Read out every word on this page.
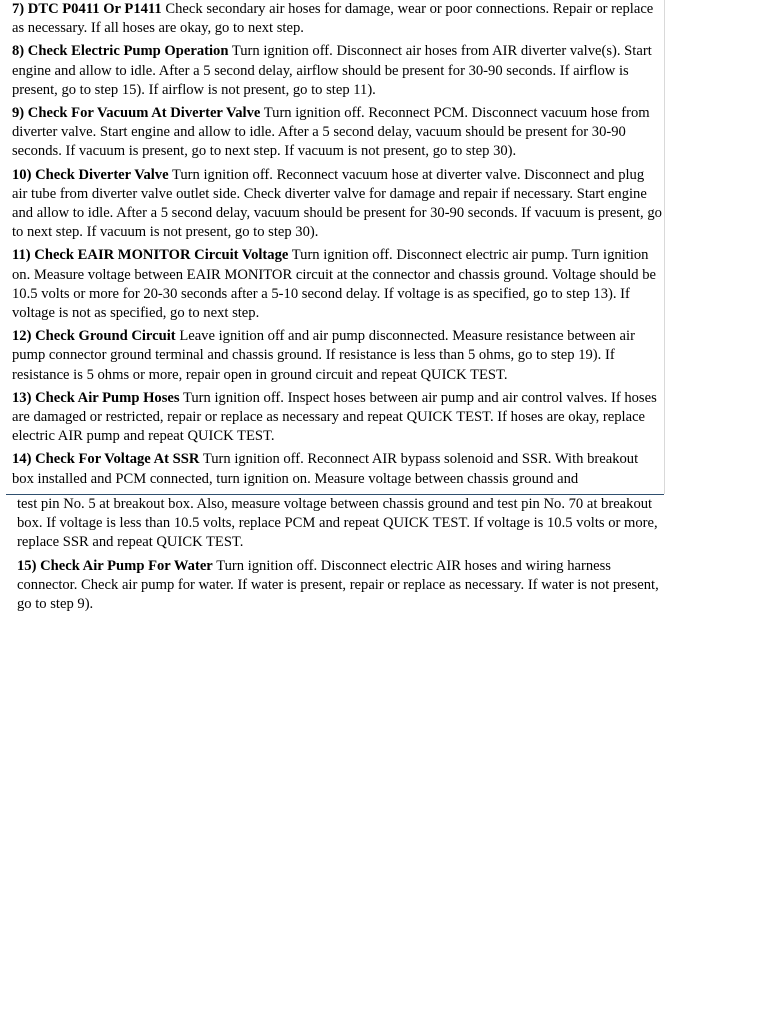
7) DTC P0411 Or P1411 Check secondary air hoses for damage, wear or poor connections. Repair or replace as necessary. If all hoses are okay, go to next step.

8) Check Electric Pump Operation Turn ignition off. Disconnect air hoses from AIR diverter valve(s). Start engine and allow to idle. After a 5 second delay, airflow should be present for 30-90 seconds. If airflow is present, go to step 15). If airflow is not present, go to step 11).

9) Check For Vacuum At Diverter Valve Turn ignition off. Reconnect PCM. Disconnect vacuum hose from diverter valve. Start engine and allow to idle. After a 5 second delay, vacuum should be present for 30-90 seconds. If vacuum is present, go to next step. If vacuum is not present, go to step 30).

10) Check Diverter Valve Turn ignition off. Reconnect vacuum hose at diverter valve. Disconnect and plug air tube from diverter valve outlet side. Check diverter valve for damage and repair if necessary. Start engine and allow to idle. After a 5 second delay, vacuum should be present for 30-90 seconds. If vacuum is present, go to next step. If vacuum is not present, go to step 30).

11) Check EAIR MONITOR Circuit Voltage Turn ignition off. Disconnect electric air pump. Turn ignition on. Measure voltage between EAIR MONITOR circuit at the connector and chassis ground. Voltage should be 10.5 volts or more for 20-30 seconds after a 5-10 second delay. If voltage is as specified, go to step 13). If voltage is not as specified, go to next step.

12) Check Ground Circuit Leave ignition off and air pump disconnected. Measure resistance between air pump connector ground terminal and chassis ground. If resistance is less than 5 ohms, go to step 19). If resistance is 5 ohms or more, repair open in ground circuit and repeat QUICK TEST.

13) Check Air Pump Hoses Turn ignition off. Inspect hoses between air pump and air control valves. If hoses are damaged or restricted, repair or replace as necessary and repeat QUICK TEST. If hoses are okay, replace electric AIR pump and repeat QUICK TEST.

14) Check For Voltage At SSR Turn ignition off. Reconnect AIR bypass solenoid and SSR. With breakout box installed and PCM connected, turn ignition on. Measure voltage between chassis ground and

test pin No. 5 at breakout box. Also, measure voltage between chassis ground and test pin No. 70 at breakout box. If voltage is less than 10.5 volts, replace PCM and repeat QUICK TEST. If voltage is 10.5 volts or more, replace SSR and repeat QUICK TEST.

15) Check Air Pump For Water Turn ignition off. Disconnect electric AIR hoses and wiring harness connector. Check air pump for water. If water is present, repair or replace as necessary. If water is not present, go to step 9).
